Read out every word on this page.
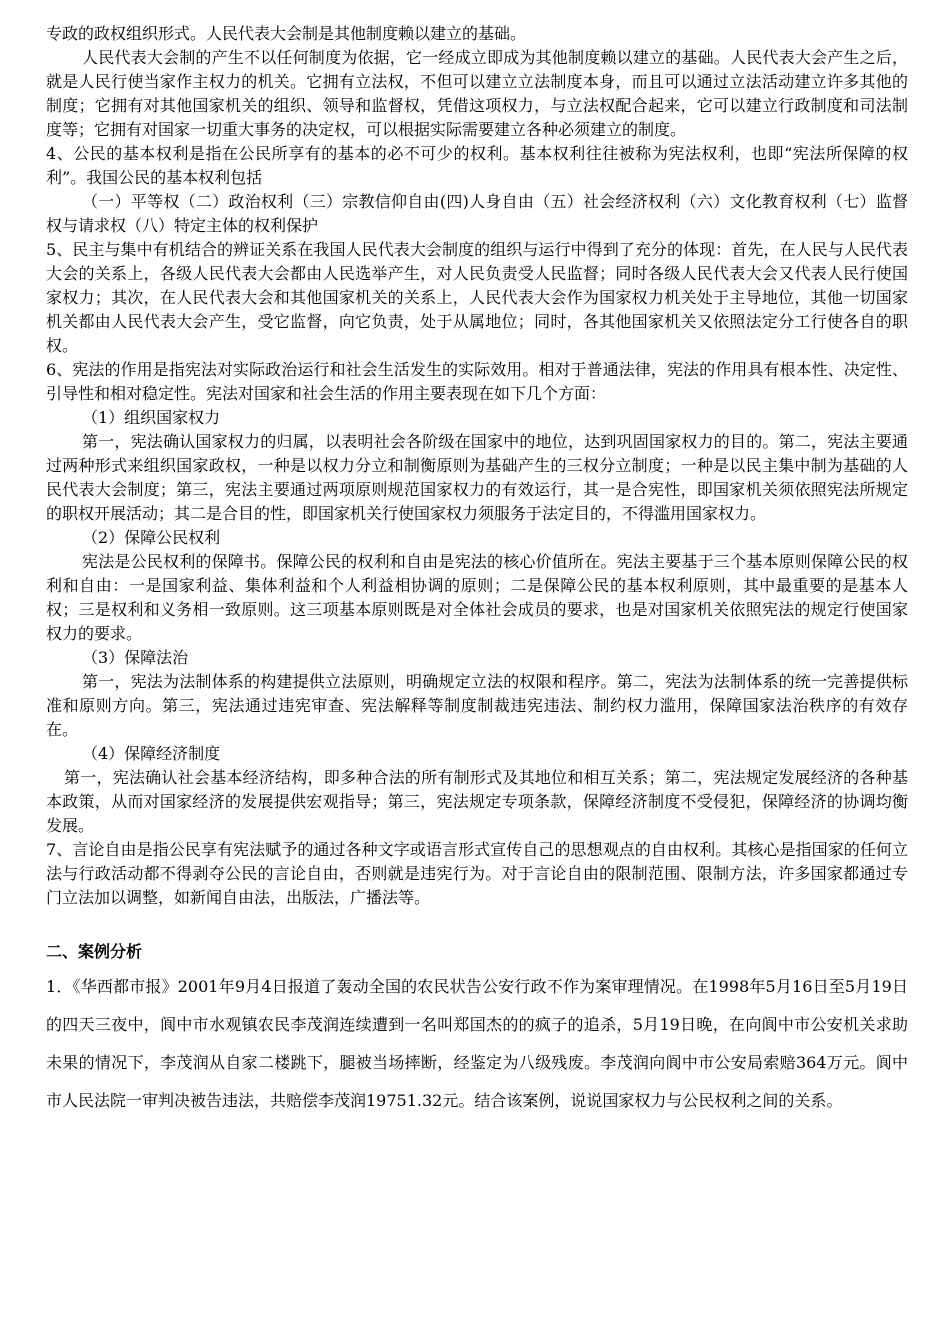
专政的政权组织形式。人民代表大会制是其他制度赖以建立的基础。

人民代表大会制的产生不以任何制度为依据，它一经成立即成为其他制度赖以建立的基础。人民代表大会产生之后，就是人民行使当家作主权力的机关。它拥有立法权，不但可以建立立法制度本身，而且可以通过立法活动建立许多其他的制度；它拥有对其他国家机关的组织、领导和监督权，凭借这项权力，与立法权配合起来，它可以建立行政制度和司法制度等；它拥有对国家一切重大事务的决定权，可以根据实际需要建立各种必须建立的制度。

4、公民的基本权利是指在公民所享有的基本的必不可少的权利。基本权利往往被称为宪法权利，也即“宪法所保障的权利”。我国公民的基本权利包括

（一）平等权（二）政治权利（三）宗教信仰自由(四)人身自由（五）社会经济权利（六）文化教育权利（七）监督权与请求权（八）特定主体的权利保护

5、民主与集中有机结合的辨证关系在我国人民代表大会制度的组织与运行中得到了充分的体现：首先，在人民与人民代表大会的关系上，各级人民代表大会都由人民选举产生，对人民负责受人民监督；同时各级人民代表大会又代表人民行使国家权力；其次，在人民代表大会和其他国家机关的关系上，人民代表大会作为国家权力机关处于主导地位，其他一切国家机关都由人民代表大会产生，受它监督，向它负责，处于从属地位；同时，各其他国家机关又依照法定分工行使各自的职权。

6、宪法的作用是指宪法对实际政治运行和社会生活发生的实际效用。相对于普通法律，宪法的作用具有根本性、决定性、引导性和相对稳定性。宪法对国家和社会生活的作用主要表现在如下几个方面：

（1）组织国家权力

第一，宪法确认国家权力的归属，以表明社会各阶级在国家中的地位，达到巩固国家权力的目的。第二，宪法主要通过两种形式来组织国家政权，一种是以权力分立和制衡原则为基础产生的三权分立制度；一种是以民主集中制为基础的人民代表大会制度；第三，宪法主要通过两项原则规范国家权力的有效运行，其一是合宪性，即国家机关须依照宪法所规定的职权开展活动；其二是合目的性，即国家机关行使国家权力须服务于法定目的，不得滥用国家权力。

（2）保障公民权利

宪法是公民权利的保障书。保障公民的权利和自由是宪法的核心价值所在。宪法主要基于三个基本原则保障公民的权利和自由：一是国家利益、集体利益和个人利益相协调的原则；二是保障公民的基本权利原则，其中最重要的是基本人权；三是权利和义务相一致原则。这三项基本原则既是对全体社会成员的要求，也是对国家机关依照宪法的规定行使国家权力的要求。

（3）保障法治

第一，宪法为法制体系的构建提供立法原则，明确规定立法的权限和程序。第二，宪法为法制体系的统一完善提供标准和原则方向。第三，宪法通过违宪审查、宪法解释等制度制裁违宪违法、制约权力滥用，保障国家法治秩序的有效存在。

（4）保障经济制度

第一，宪法确认社会基本经济结构，即多种合法的所有制形式及其地位和相互关系；第二，宪法规定发展经济的各种基本政策，从而对国家经济的发展提供宏观指导；第三，宪法规定专项条款，保障经济制度不受侵犯，保障经济的协调均衡发展。

7、言论自由是指公民享有宪法赋予的通过各种文字或语言形式宣传自己的思想观点的自由权利。其核心是指国家的任何立法与行政活动都不得剥夺公民的言论自由，否则就是违宪行为。对于言论自由的限制范围、限制方法，许多国家都通过专门立法加以调整，如新闻自由法，出版法，广播法等。

二、案例分析

1．《华西都市报》2001年9月4日报道了轰动全国的农民状告公安行政不作为案审理情况。在1998年5月16日至5月19日的四天三夜中，阆中市水观镇农民李茂润连续遭到一名叫郑国杰的的疯子的追杀，5月19日晚，在向阆中市公安机关求助未果的情况下，李茂润从自家二楼跳下，腿被当场摔断，经鉴定为八级残废。李茂润向阆中市公安局索赔364万元。阆中市人民法院一审判决被告违法，共赔偿李茂润19751.32元。结合该案例，说说国家权力与公民权利之间的关系。
